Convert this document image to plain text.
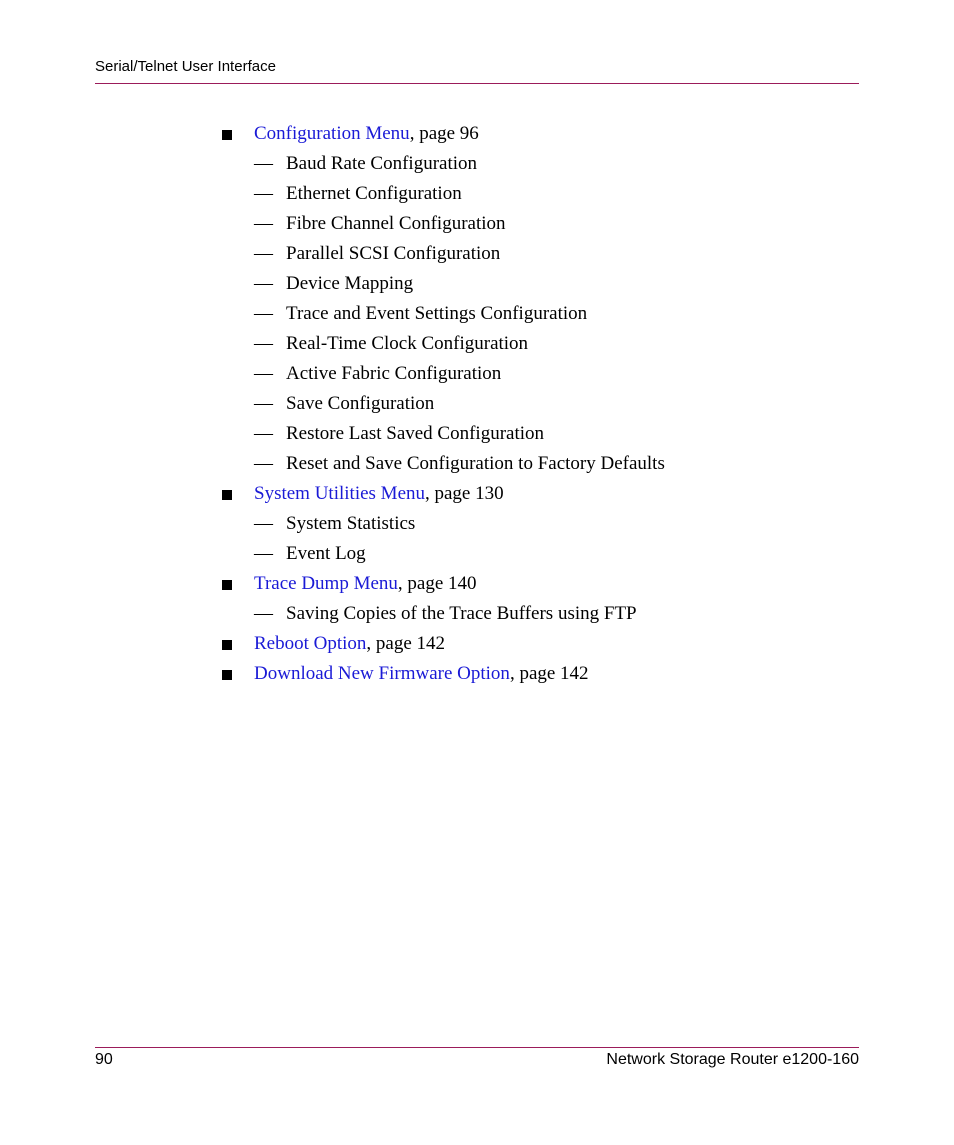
Serial/Telnet User Interface
Configuration Menu, page 96
— Baud Rate Configuration
— Ethernet Configuration
— Fibre Channel Configuration
— Parallel SCSI Configuration
— Device Mapping
— Trace and Event Settings Configuration
— Real-Time Clock Configuration
— Active Fabric Configuration
— Save Configuration
— Restore Last Saved Configuration
— Reset and Save Configuration to Factory Defaults
System Utilities Menu, page 130
— System Statistics
— Event Log
Trace Dump Menu, page 140
— Saving Copies of the Trace Buffers using FTP
Reboot Option, page 142
Download New Firmware Option, page 142
90	Network Storage Router e1200-160
